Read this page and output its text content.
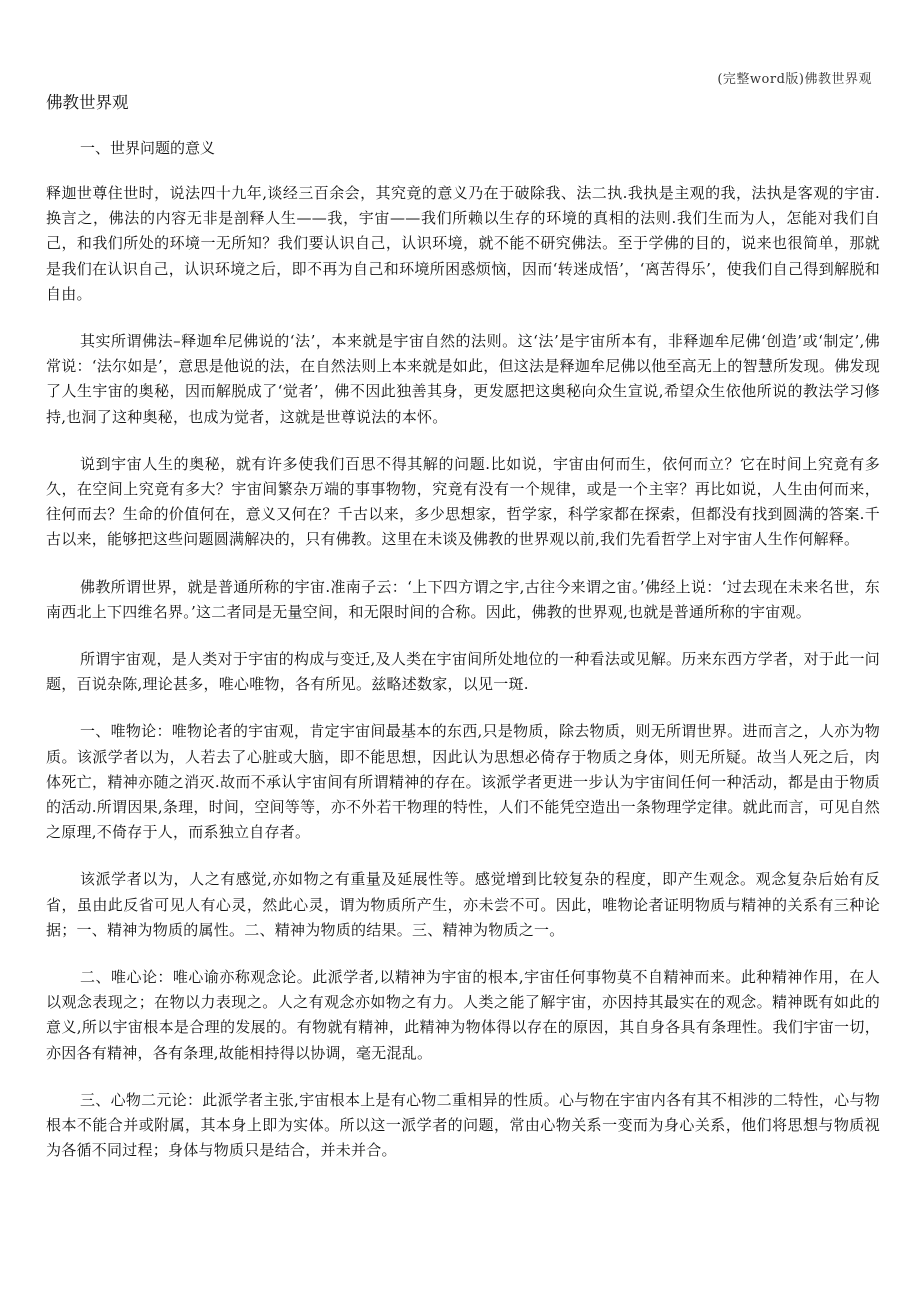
(完整word版)佛教世界观
佛教世界观
一、世界问题的意义

释迦世尊住世时，说法四十九年,谈经三百余会，其究竟的意义乃在于破除我、法二执.我执是主观的我，法执是客观的宇宙.换言之，佛法的内容无非是剖释人生——我，宇宙——我们所赖以生存的环境的真相的法则.我们生而为人，怎能对我们自己，和我们所处的环境一无所知？我们要认识自己，认识环境，就不能不研究佛法。至于学佛的目的，说来也很简单，那就是我们在认识自己，认识环境之后，即不再为自己和环境所困惑烦恼，因而‘转迷成悟’，‘离苦得乐’，使我们自己得到解脱和自由。

其实所谓佛法–释迦牟尼佛说的‘法’，本来就是宇宙自然的法则。这‘法’是宇宙所本有，非释迦牟尼佛‘创造’或‘制定’,佛常说：‘法尔如是’，意思是他说的法，在自然法则上本来就是如此，但这法是释迦牟尼佛以他至高无上的智慧所发现。佛发现了人生宇宙的奥秘，因而解脱成了‘觉者’，佛不因此独善其身，更发愿把这奥秘向众生宣说,希望众生依他所说的教法学习修持,也洞了这种奥秘，也成为觉者，这就是世尊说法的本怀。

说到宇宙人生的奥秘，就有许多使我们百思不得其解的问题.比如说，宇宙由何而生，依何而立？它在时间上究竟有多久，在空间上究竟有多大？宇宙间繁杂万端的事事物物，究竟有没有一个规律，或是一个主宰？再比如说，人生由何而来，往何而去？生命的价值何在，意义又何在？千古以来，多少思想家，哲学家，科学家都在探索，但都没有找到圆满的答案.千古以来，能够把这些问题圆满解决的，只有佛教。这里在未谈及佛教的世界观以前,我们先看哲学上对宇宙人生作何解释。

佛教所谓世界，就是普通所称的宇宙.准南子云：‘上下四方谓之宇,古往今来谓之宙。’佛经上说：‘过去现在未来名世，东南西北上下四维名界。’这二者同是无量空间，和无限时间的合称。因此，佛教的世界观,也就是普通所称的宇宙观。

所谓宇宙观，是人类对于宇宙的构成与变迁,及人类在宇宙间所处地位的一种看法或见解。历来东西方学者，对于此一问题，百说杂陈,理论甚多，唯心唯物，各有所见。兹略述数家，以见一斑.

一、唯物论：唯物论者的宇宙观，肯定宇宙间最基本的东西,只是物质，除去物质，则无所谓世界。进而言之，人亦为物质。该派学者以为，人若去了心脏或大脑，即不能思想，因此认为思想必倚存于物质之身体，则无所疑。故当人死之后，肉体死亡，精神亦随之消灭.故而不承认宇宙间有所谓精神的存在。该派学者更进一步认为宇宙间任何一种活动，都是由于物质的活动.所谓因果,条理，时间，空间等等，亦不外若干物理的特性，人们不能凭空造出一条物理学定律。就此而言，可见自然之原理,不倚存于人，而系独立自存者。

该派学者以为，人之有感觉,亦如物之有重量及延展性等。感觉增到比较复杂的程度，即产生观念。观念复杂后始有反省，虽由此反省可见人有心灵，然此心灵，谓为物质所产生，亦未尝不可。因此，唯物论者证明物质与精神的关系有三种论据；一、精神为物质的属性。二、精神为物质的结果。三、精神为物质之一。

二、唯心论：唯心谕亦称观念论。此派学者,以精神为宇宙的根本,宇宙任何事物莫不自精神而来。此种精神作用，在人以观念表现之；在物以力表现之。人之有观念亦如物之有力。人类之能了解宇宙，亦因持其最实在的观念。精神既有如此的意义,所以宇宙根本是合理的发展的。有物就有精神，此精神为物体得以存在的原因，其自身各具有条理性。我们宇宙一切，亦因各有精神，各有条理,故能相持得以协调，毫无混乱。

三、心物二元论：此派学者主张,宇宙根本上是有心物二重相异的性质。心与物在宇宙内各有其不相涉的二特性，心与物根本不能合并或附属，其本身上即为实体。所以这一派学者的问题，常由心物关系一变而为身心关系，他们将思想与物质视为各循不同过程；身体与物质只是结合，并未并合。
